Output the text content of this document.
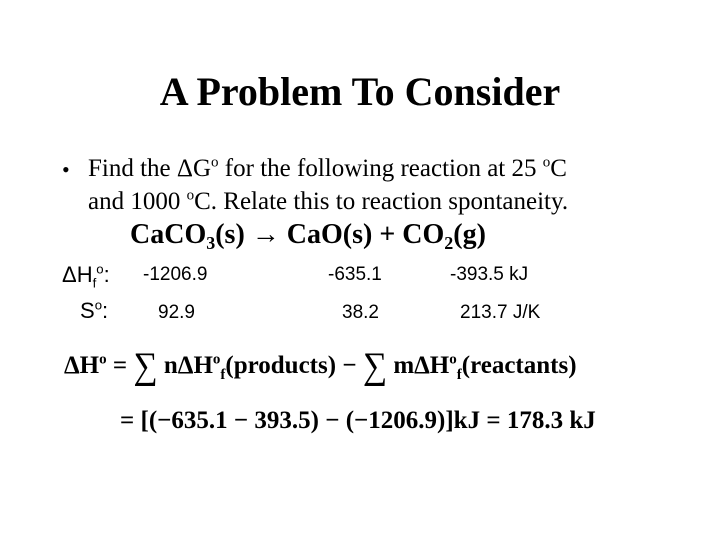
A Problem To Consider
• Find the $\Delta G^o$ for the following reaction at 25 $^o$C
and 1000 $^o$C. Relate this to reaction spontaneity.
CaCO$_3$(s) → $CaO(s) + CO_2(g)$
$\Delta H_f^o$: -1206.9	-635.1	-393.5 kJ
$S^o$:	92.9	38.2	213.7 J/K
$\Delta H^o$ = ∑ nΔH$^o_f$(products) − ∑ mΔH$^o_f$(reactants)
= [(−635.1 − 393.5) − (−1206.9)]kJ = 178.3 kJ
